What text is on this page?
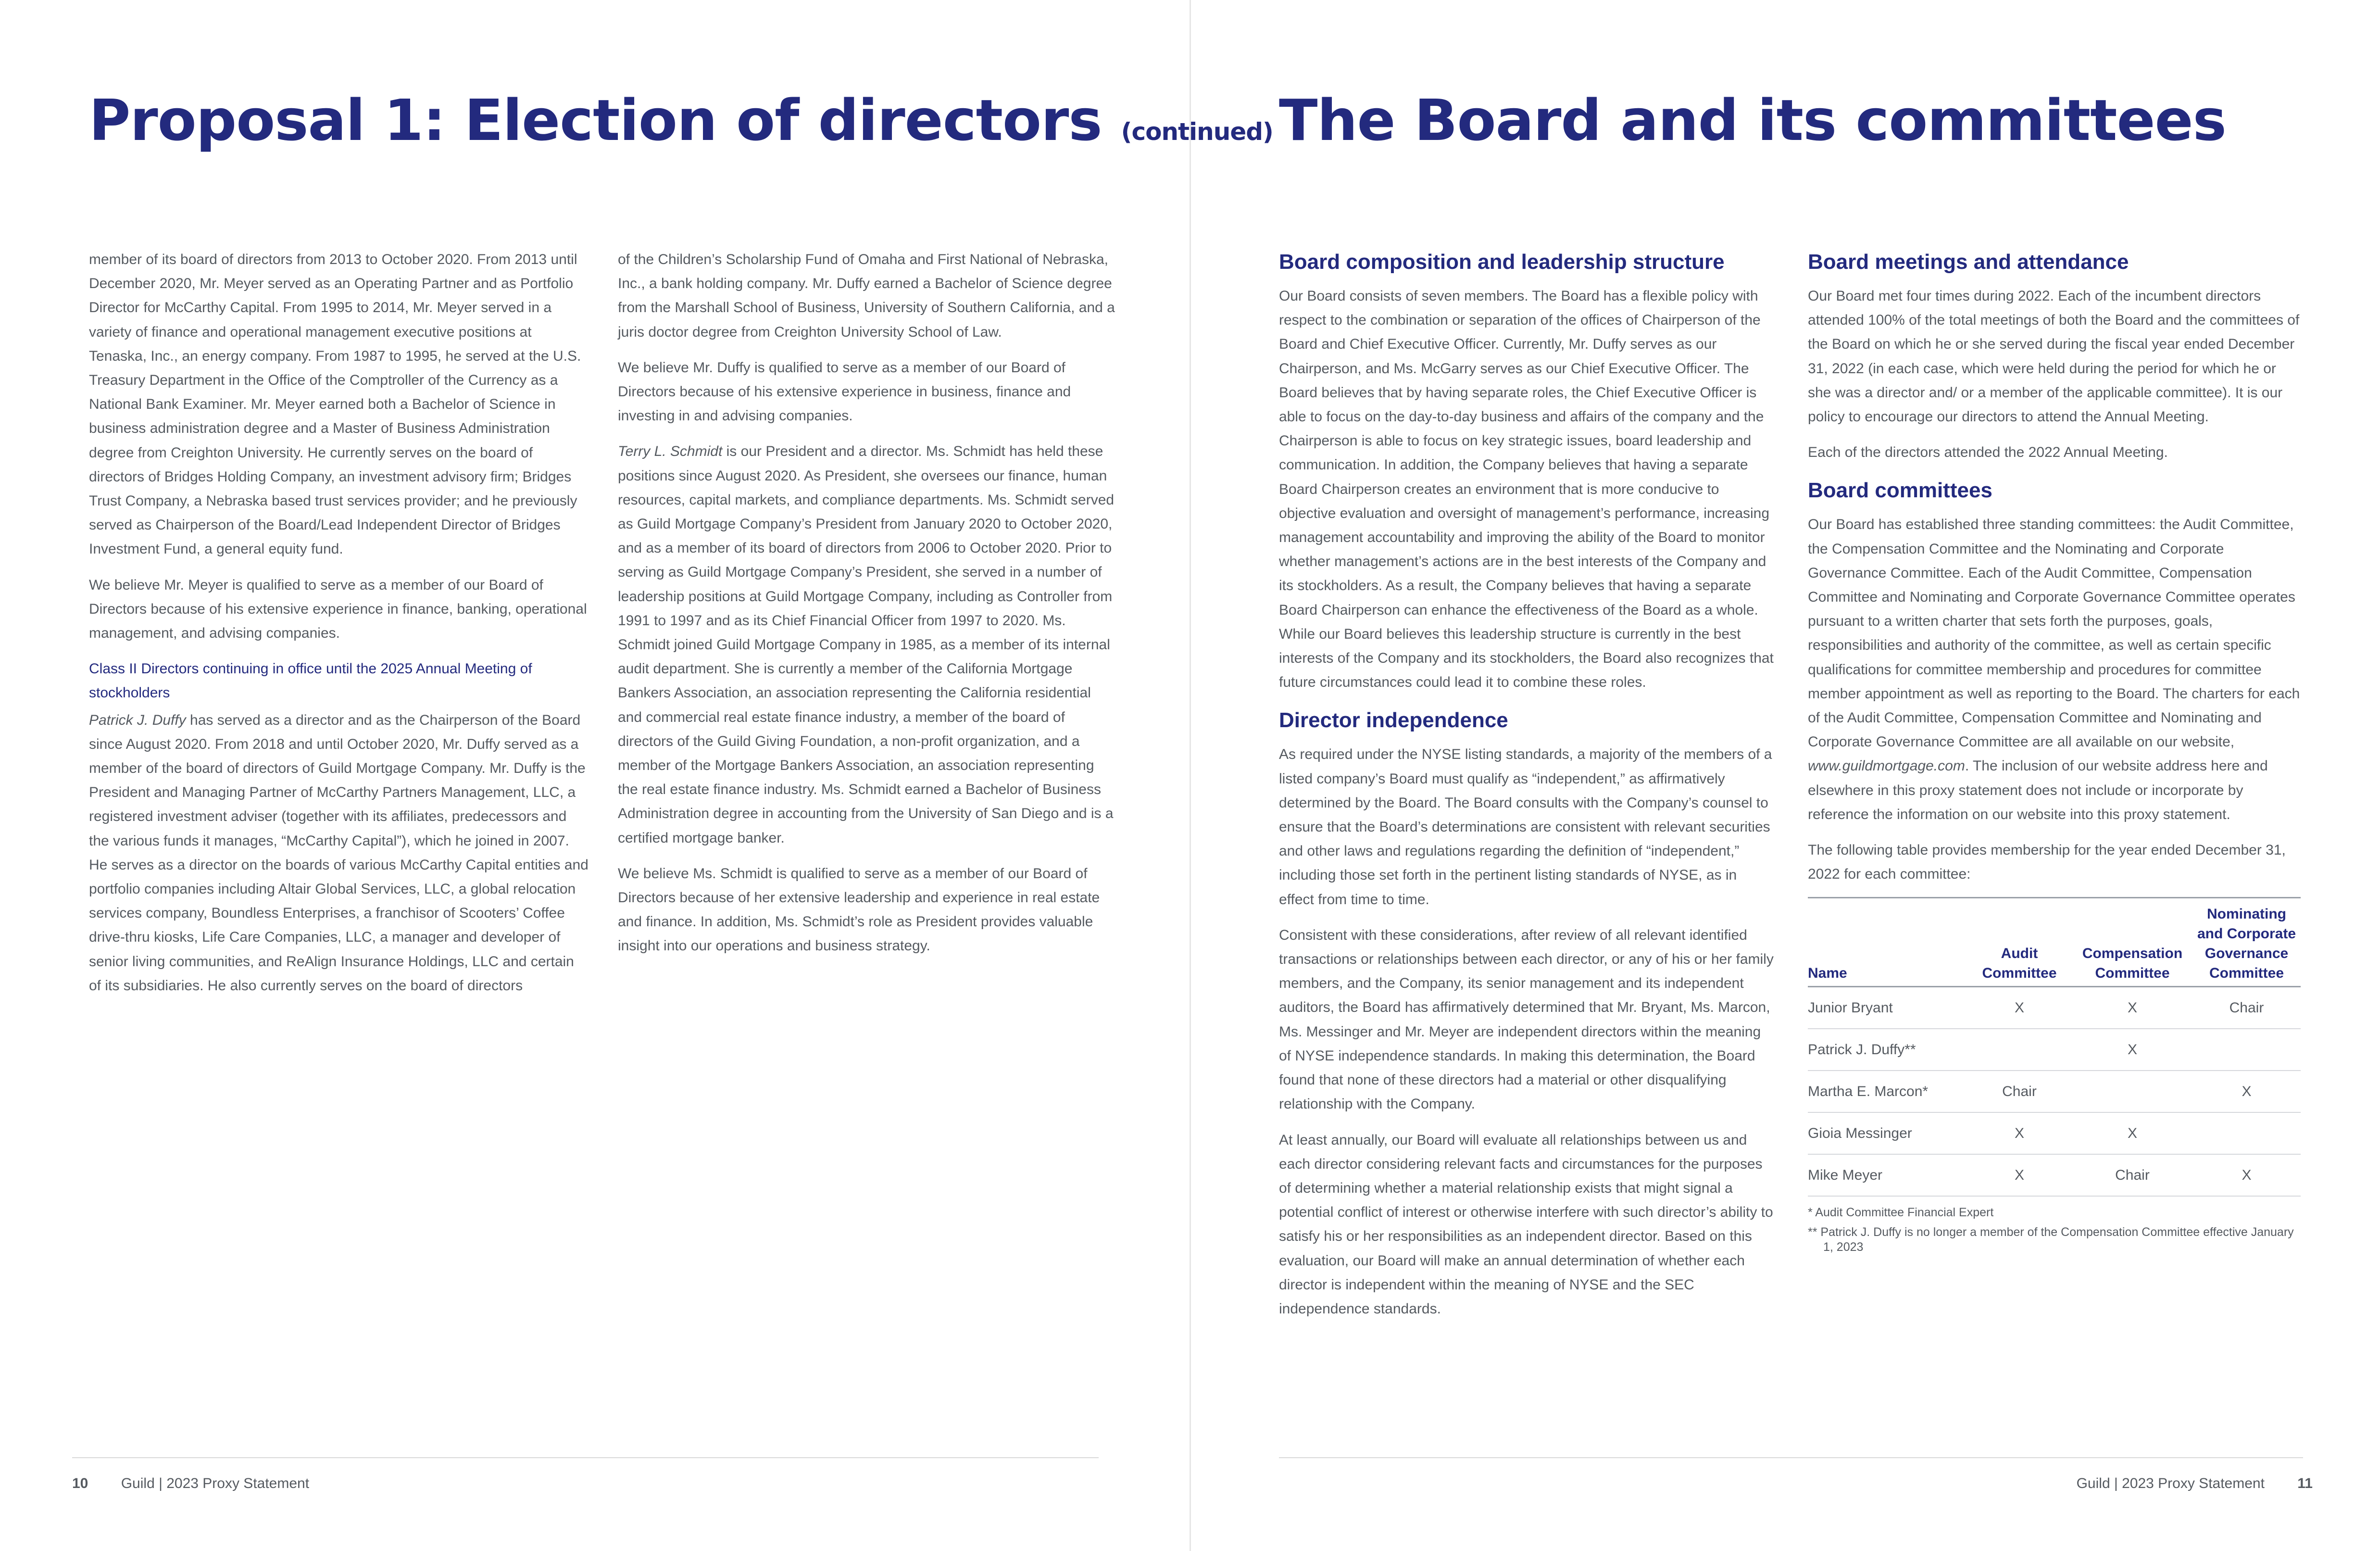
Proposal 1: Election of directors (continued)

member of its board of directors from 2013 to October 2020. From 2013 until December 2020, Mr. Meyer served as an Operating Partner and as Portfolio Director for McCarthy Capital. From 1995 to 2014, Mr. Meyer served in a variety of finance and operational management executive positions at Tenaska, Inc., an energy company. From 1987 to 1995, he served at the U.S. Treasury Department in the Office of the Comptroller of the Currency as a National Bank Examiner. Mr. Meyer earned both a Bachelor of Science in business administration degree and a Master of Business Administration degree from Creighton University. He currently serves on the board of directors of Bridges Holding Company, an investment advisory firm; Bridges Trust Company, a Nebraska based trust services provider; and he previously served as Chairperson of the Board/Lead Independent Director of Bridges Investment Fund, a general equity fund.

We believe Mr. Meyer is qualified to serve as a member of our Board of Directors because of his extensive experience in finance, banking, operational management, and advising companies.

Class II Directors continuing in office until the 2025 Annual Meeting of stockholders

Patrick J. Duffy has served as a director and as the Chairperson of the Board since August 2020. From 2018 and until October 2020, Mr. Duffy served as a member of the board of directors of Guild Mortgage Company. Mr. Duffy is the President and Managing Partner of McCarthy Partners Management, LLC, a registered investment adviser (together with its affiliates, predecessors and the various funds it manages, “McCarthy Capital”), which he joined in 2007. He serves as a director on the boards of various McCarthy Capital entities and portfolio companies including Altair Global Services, LLC, a global relocation services company, Boundless Enterprises, a franchisor of Scooters’ Coffee drive-thru kiosks, Life Care Companies, LLC, a manager and developer of senior living communities, and ReAlign Insurance Holdings, LLC and certain of its subsidiaries. He also currently serves on the board of directors

of the Children’s Scholarship Fund of Omaha and First National of Nebraska, Inc., a bank holding company. Mr. Duffy earned a Bachelor of Science degree from the Marshall School of Business, University of Southern California, and a juris doctor degree from Creighton University School of Law.

We believe Mr. Duffy is qualified to serve as a member of our Board of Directors because of his extensive experience in business, finance and investing in and advising companies.

Terry L. Schmidt is our President and a director. Ms. Schmidt has held these positions since August 2020. As President, she oversees our finance, human resources, capital markets, and compliance departments. Ms. Schmidt served as Guild Mortgage Company’s President from January 2020 to October 2020, and as a member of its board of directors from 2006 to October 2020. Prior to serving as Guild Mortgage Company’s President, she served in a number of leadership positions at Guild Mortgage Company, including as Controller from 1991 to 1997 and as its Chief Financial Officer from 1997 to 2020. Ms. Schmidt joined Guild Mortgage Company in 1985, as a member of its internal audit department. She is currently a member of the California Mortgage Bankers Association, an association representing the California residential and commercial real estate finance industry, a member of the board of directors of the Guild Giving Foundation, a non-profit organization, and a member of the Mortgage Bankers Association, an association representing the real estate finance industry. Ms. Schmidt earned a Bachelor of Business Administration degree in accounting from the University of San Diego and is a certified mortgage banker.

We believe Ms. Schmidt is qualified to serve as a member of our Board of Directors because of her extensive leadership and experience in real estate and finance. In addition, Ms. Schmidt’s role as President provides valuable insight into our operations and business strategy.

10 Guild | 2023 Proxy Statement
The Board and its committees
Board composition and leadership structure

Our Board consists of seven members. The Board has a flexible policy with respect to the combination or separation of the offices of Chairperson of the Board and Chief Executive Officer. Currently, Mr. Duffy serves as our Chairperson, and Ms. McGarry serves as our Chief Executive Officer. The Board believes that by having separate roles, the Chief Executive Officer is able to focus on the day-to-day business and affairs of the company and the Chairperson is able to focus on key strategic issues, board leadership and communication. In addition, the Company believes that having a separate Board Chairperson creates an environment that is more conducive to objective evaluation and oversight of management’s performance, increasing management accountability and improving the ability of the Board to monitor whether management’s actions are in the best interests of the Company and its stockholders. As a result, the Company believes that having a separate Board Chairperson can enhance the effectiveness of the Board as a whole. While our Board believes this leadership structure is currently in the best interests of the Company and its stockholders, the Board also recognizes that future circumstances could lead it to combine these roles.

Director independence

As required under the NYSE listing standards, a majority of the members of a listed company’s Board must qualify as “independent,” as affirmatively determined by the Board. The Board consults with the Company’s counsel to ensure that the Board’s determinations are consistent with relevant securities and other laws and regulations regarding the definition of “independent,” including those set forth in the pertinent listing standards of NYSE, as in effect from time to time.

Consistent with these considerations, after review of all relevant identified transactions or relationships between each director, or any of his or her family members, and the Company, its senior management and its independent auditors, the Board has affirmatively determined that Mr. Bryant, Ms. Marcon, Ms. Messinger and Mr. Meyer are independent directors within the meaning of NYSE independence standards. In making this determination, the Board found that none of these directors had a material or other disqualifying relationship with the Company.

At least annually, our Board will evaluate all relationships between us and each director considering relevant facts and circumstances for the purposes of determining whether a material relationship exists that might signal a potential conflict of interest or otherwise interfere with such director’s ability to satisfy his or her responsibilities as an independent director. Based on this evaluation, our Board will make an annual determination of whether each director is independent within the meaning of NYSE and the SEC independence standards.

Board meetings and attendance

Our Board met four times during 2022. Each of the incumbent directors attended 100% of the total meetings of both the Board and the committees of the Board on which he or she served during the fiscal year ended December 31, 2022 (in each case, which were held during the period for which he or she was a director and/ or a member of the applicable committee). It is our policy to encourage our directors to attend the Annual Meeting.

Each of the directors attended the 2022 Annual Meeting.

Board committees

Our Board has established three standing committees: the Audit Committee, the Compensation Committee and the Nominating and Corporate Governance Committee. Each of the Audit Committee, Compensation Committee and Nominating and Corporate Governance Committee operates pursuant to a written charter that sets forth the purposes, goals, responsibilities and authority of the committee, as well as certain specific qualifications for committee membership and procedures for committee member appointment as well as reporting to the Board. The charters for each of the Audit Committee, Compensation Committee and Nominating and Corporate Governance Committee are all available on our website, www.guildmortgage.com. The inclusion of our website address here and elsewhere in this proxy statement does not include or incorporate by reference the information on our website into this proxy statement.

The following table provides membership for the year ended December 31, 2022 for each committee:

Name	Audit Committee	Compensation Committee	Nominating and Corporate Governance Committee
Junior Bryant	X	X	Chair
Patrick J. Duffy**		X	
Martha E. Marcon*	Chair		X
Gioia Messinger	X	X	
Mike Meyer	X	Chair	X

* Audit Committee Financial Expert

** Patrick J. Duffy is no longer a member of the Compensation Committee effective January 1, 2023

Guild | 2023 Proxy Statement 11
